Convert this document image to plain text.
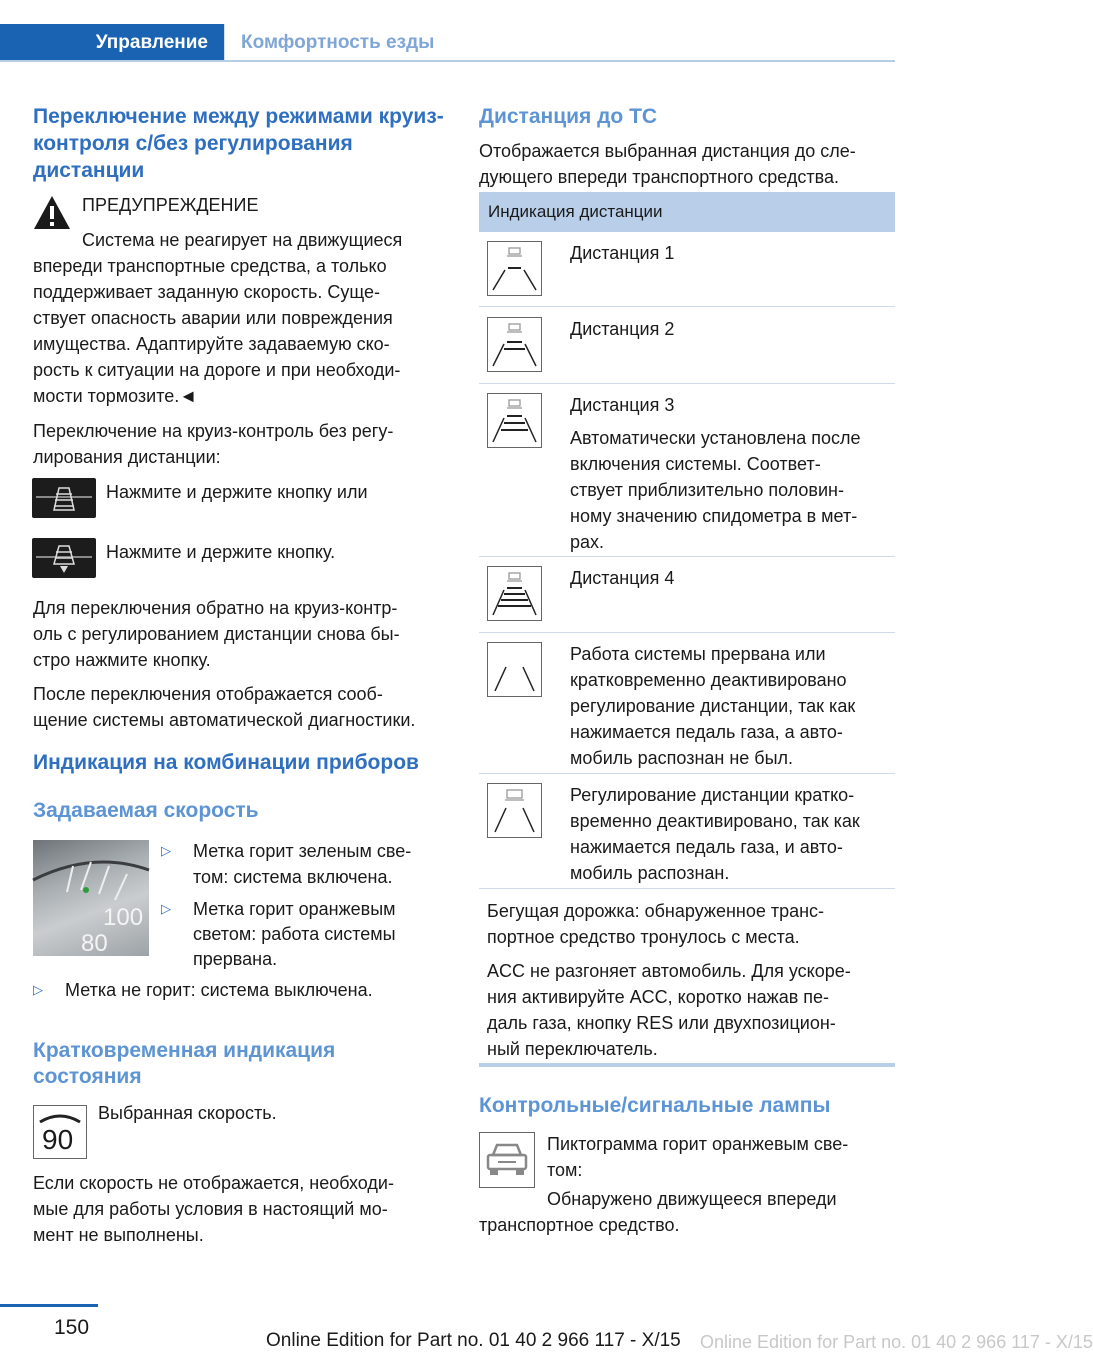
Управление	Комфортность езды
Переключение между режимами круиз-контроля с/без регулирования дистанции
ПРЕДУПРЕЖДЕНИЕ
Система не реагирует на движущиеся
впереди транспортные средства, а только
поддерживает заданную скорость. Суще-
ствует опасность аварии или повреждения
имущества. Адаптируйте задаваемую ско-
рость к ситуации на дороге и при необходи-
мости тормозите.◄
Переключение на круиз-контроль без регу-
лирования дистанции:
Нажмите и держите кнопку или
Нажмите и держите кнопку.
Для переключения обратно на круиз-контр-
оль с регулированием дистанции снова бы-
стро нажмите кнопку.
После переключения отображается сооб-
щение системы автоматической диагностики.
Индикация на комбинации приборов
Задаваемая скорость
100
80
▷ Метка горит зеленым све-
том: система включена.
▷ Метка горит оранжевым
светом: работа системы
прервана.
▷ Метка не горит: система выключена.
Кратковременная индикация
состояния
90
Выбранная скорость.
Если скорость не отображается, необходи-
мые для работы условия в настоящий мо-
мент не выполнены.
Дистанция до ТС
Отображается выбранная дистанция до сле-
дующего впереди транспортного средства.
Индикация дистанции
Дистанция 1
Дистанция 2
Дистанция 3
Автоматически установлена после
включения системы. Соответ-
ствует приблизительно половин-
ному значению спидометра в мет-
рах.
Дистанция 4
Работа системы прервана или
кратковременно деактивировано
регулирование дистанции, так как
нажимается педаль газа, а авто-
мобиль распознан не был.
Регулирование дистанции кратко-
временно деактивировано, так как
нажимается педаль газа, и авто-
мобиль распознан.
Бегущая дорожка: обнаруженное транс-
портное средство тронулось с места.
ACC не разгоняет автомобиль. Для ускоре-
ния активируйте ACC, коротко нажав пе-
даль газа, кнопку RES или двухпозицион-
ный переключатель.
Контрольные/сигнальные лампы
Пиктограмма горит оранжевым све-
том:
Обнаружено движущееся впереди
транспортное средство.
150
Online Edition for Part no. 01 40 2 966 117 - X/15 Online Edition for Part no. 01 40 2 966 117 - X/15
